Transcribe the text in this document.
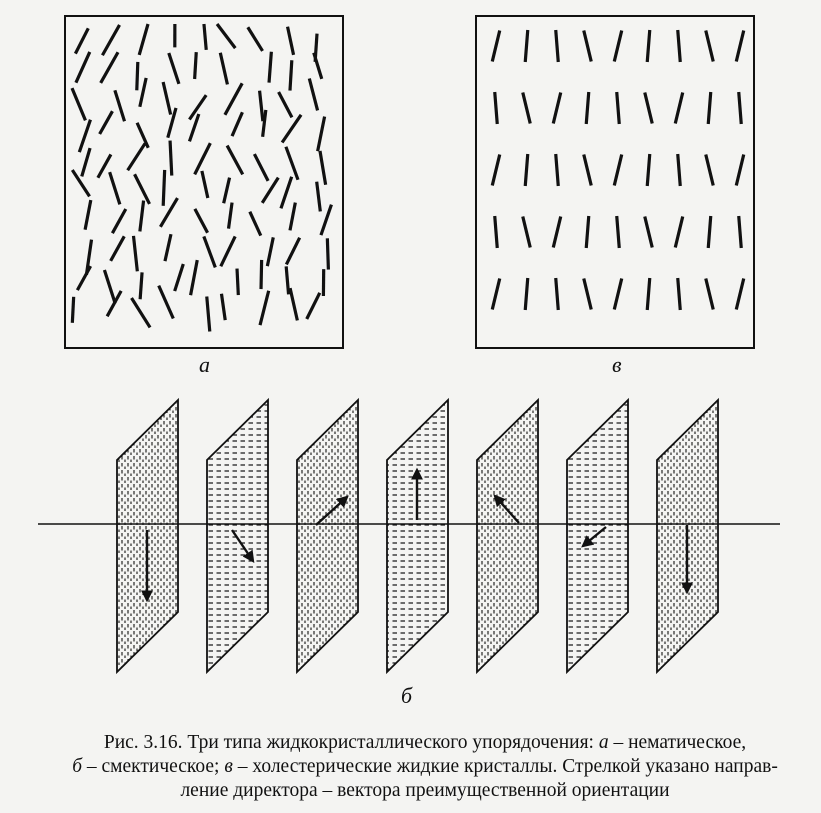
а	в
б
Рис. 3.16. Три типа жидкокристаллического упорядочения: а – нематическое,
б – смектическое; в – холестерические жидкие кристаллы. Стрелкой указано направ-
ление директора – вектора преимущественной ориентации
